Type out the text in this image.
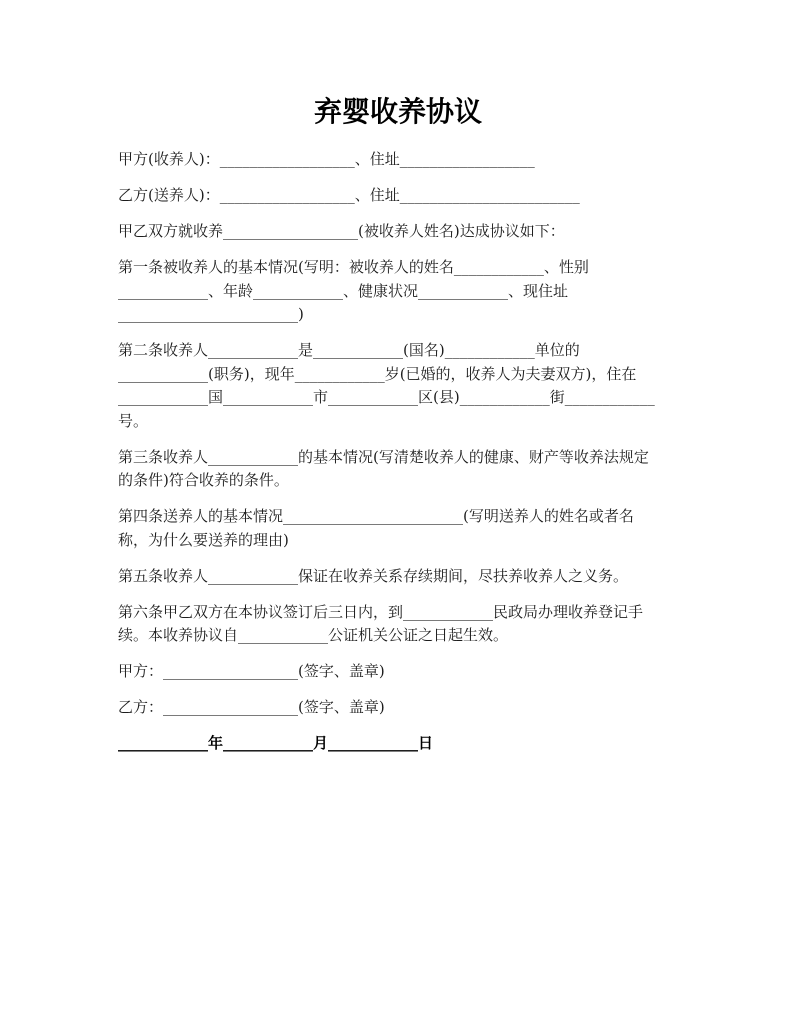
弃婴收养协议

甲方(收养人)：__________________、住址__________________

乙方(送养人)：__________________、住址________________________

甲乙双方就收养__________________(被收养人姓名)达成协议如下：

第一条被收养人的基本情况(写明：被收养人的姓名____________、性别
____________、年龄____________、健康状况____________、现住址
________________________)

第二条收养人____________是____________(国名)____________单位的
____________(职务)，现年____________岁(已婚的，收养人为夫妻双方)，住在
____________国____________市____________区(县)____________街____________
号。

第三条收养人____________的基本情况(写清楚收养人的健康、财产等收养法规定
的条件)符合收养的条件。

第四条送养人的基本情况________________________(写明送养人的姓名或者名
称，为什么要送养的理由)

第五条收养人____________保证在收养关系存续期间，尽扶养收养人之义务。

第六条甲乙双方在本协议签订后三日内，到____________民政局办理收养登记手
续。本收养协议自____________公证机关公证之日起生效。

甲方：__________________(签字、盖章)

乙方：__________________(签字、盖章)

____________年____________月____________日
